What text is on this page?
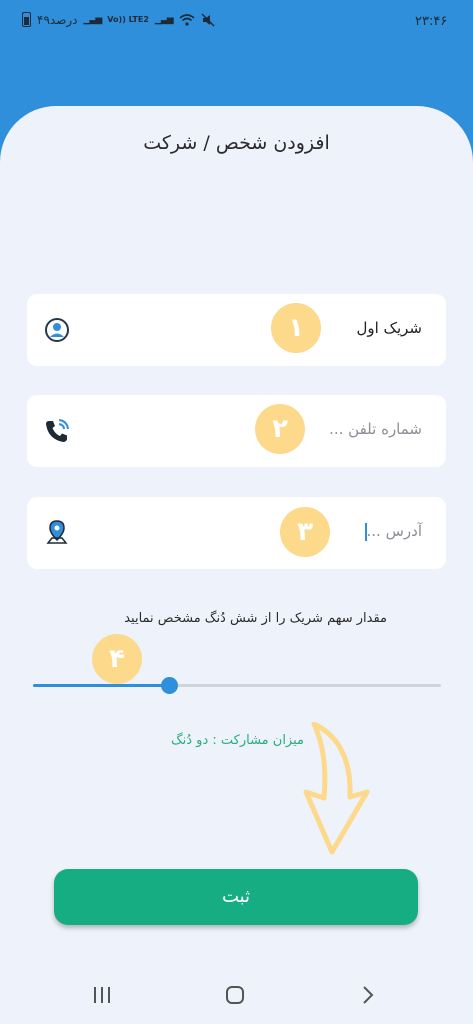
۴۹درصد ▁▃▅ Vo)) LTE2 ▁▃▅	۲۳:۴۶
افزودن شخص / شرکت
شریک اول
شماره تلفن ...
آدرس ...
۱
۲
۳
۴
مقدار سهم شریک را از شش دُنگ مشخص نمایید
میزان مشارکت : دو دُنگ
ثبت
